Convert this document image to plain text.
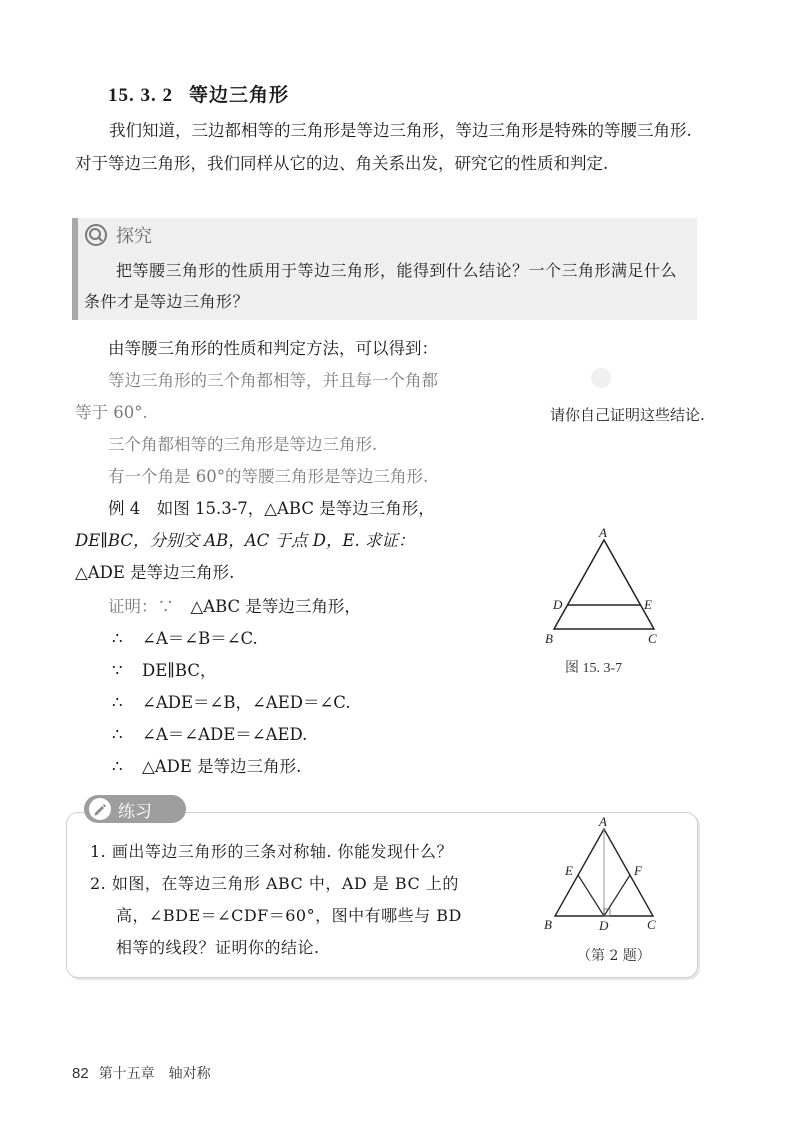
15. 3. 2 等边三角形

我们知道，三边都相等的三角形是等边三角形，等边三角形是特殊的等腰三角形. 对于等边三角形，我们同样从它的边、角关系出发，研究它的性质和判定.

探究

把等腰三角形的性质用于等边三角形，能得到什么结论？一个三角形满足什么条件才是等边三角形？

由等腰三角形的性质和判定方法，可以得到：

等边三角形的三个角都相等，并且每一个角都

等于 60°.

三个角都相等的三角形是等边三角形.

有一个角是 60°的等腰三角形是等边三角形.

请你自己证明这些结论.

例 4　如图 15.3-7，△ABC 是等边三角形，

DE∥BC，分别交 AB，AC 于点 D，E. 求证：

△ADE 是等边三角形.

证明：∵　 △ABC 是等边三角形，

∴ ∠A＝∠B＝∠C.

∵ DE∥BC，

∴ ∠ADE＝∠B，∠AED＝∠C.

∴ ∠A＝∠ADE＝∠AED.

∴ △ADE 是等边三角形.

A
D	E
B	C
图 15. 3-7
练习

1. 画出等边三角形的三条对称轴. 你能发现什么？

2. 如图，在等边三角形 ABC 中，AD 是 BC 上的

高，∠BDE＝∠CDF＝60°，图中有哪些与 BD

相等的线段？证明你的结论.

A
E	F
B	D	C
（第 2 题）
82 第十五章　轴对称
